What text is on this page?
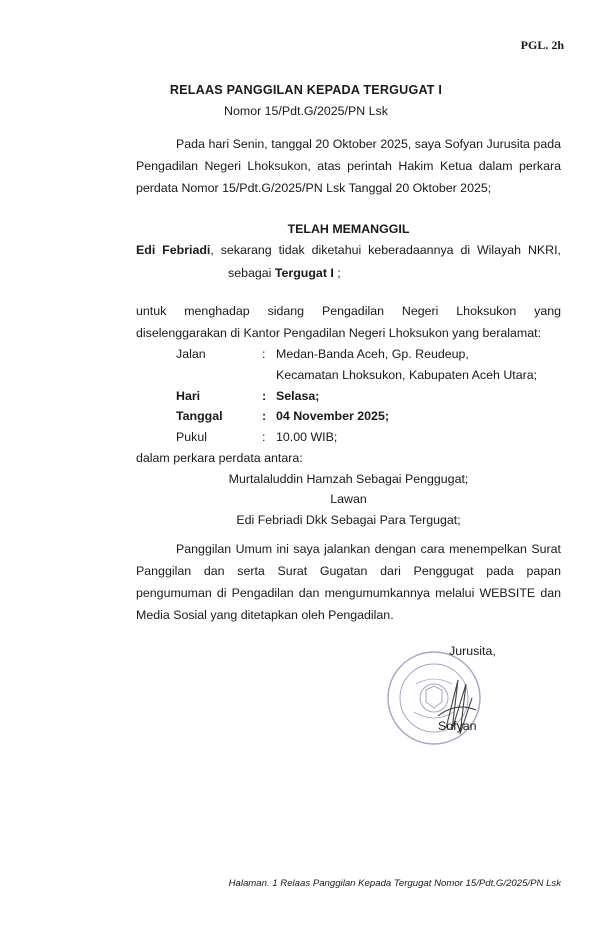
PGL. 2h
RELAAS PANGGILAN KEPADA TERGUGAT I
Nomor 15/Pdt.G/2025/PN Lsk
Pada hari Senin, tanggal 20 Oktober 2025, saya Sofyan Jurusita pada Pengadilan Negeri Lhoksukon, atas perintah Hakim Ketua dalam perkara perdata Nomor 15/Pdt.G/2025/PN Lsk Tanggal 20 Oktober 2025;
TELAH MEMANGGIL
Edi Febriadi, sekarang tidak diketahui keberadaannya di Wilayah NKRI,
sebagai Tergugat I ;
untuk menghadap sidang Pengadilan Negeri Lhoksukon yang diselenggarakan di Kantor Pengadilan Negeri Lhoksukon yang beralamat:
Jalan	: Medan-Banda Aceh, Gp. Reudeup,
Kecamatan Lhoksukon, Kabupaten Aceh Utara;
Hari	: Selasa;
Tanggal	: 04 November 2025;
Pukul	: 10.00 WIB;
dalam perkara perdata antara:
Murtalaluddin Hamzah Sebagai Penggugat;
Lawan
Edi Febriadi Dkk Sebagai Para Tergugat;
Panggilan Umum ini saya jalankan dengan cara menempelkan Surat Panggilan dan serta Surat Gugatan dari Penggugat pada papan pengumuman di Pengadilan dan mengumumkannya melalui WEBSITE dan Media Sosial yang ditetapkan oleh Pengadilan.
Jurusita,
Sofyan
Halaman. 1 Relaas Panggilan Kepada Tergugat Nomor 15/Pdt.G/2025/PN Lsk
